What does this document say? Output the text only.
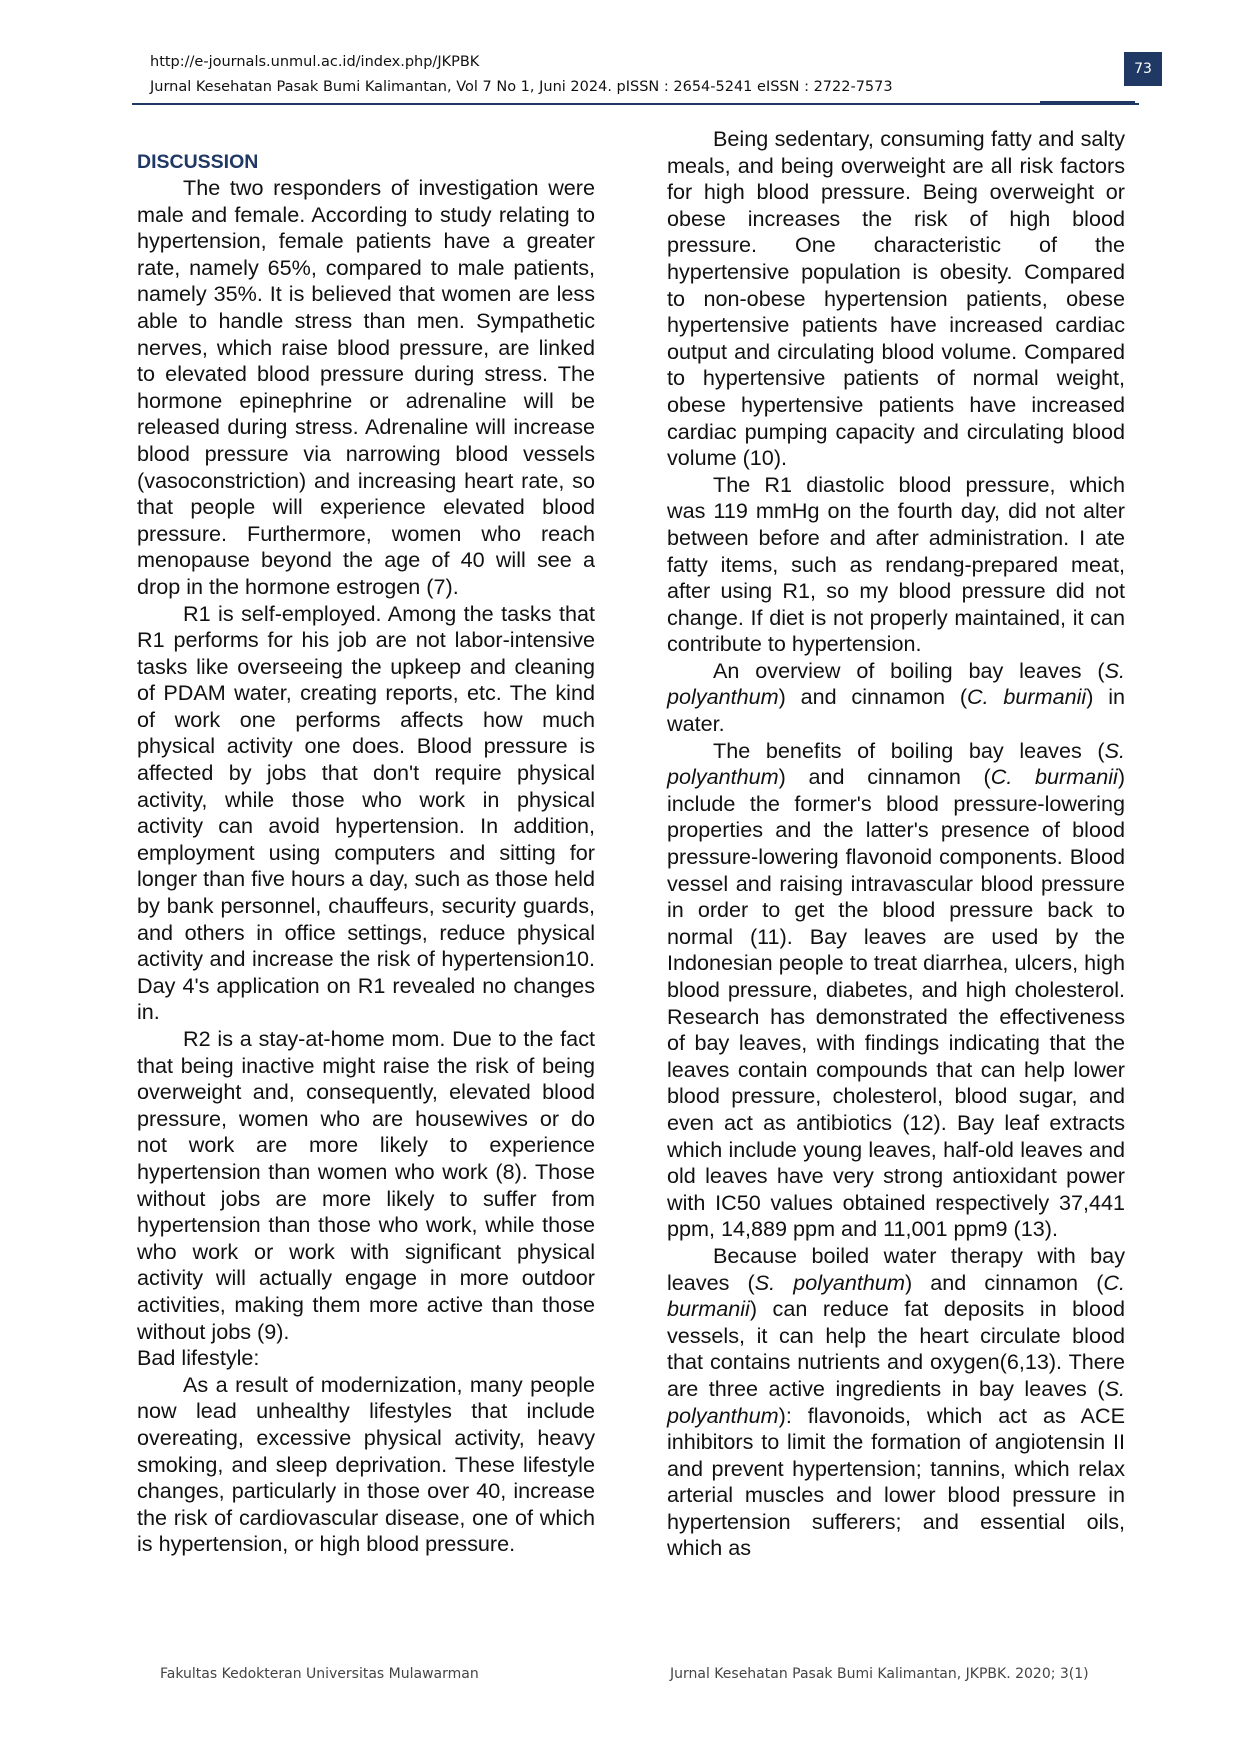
http://e-journals.unmul.ac.id/index.php/JKPBK
Jurnal Kesehatan Pasak Bumi Kalimantan, Vol 7 No 1, Juni 2024. pISSN : 2654-5241 eISSN : 2722-7573
73
DISCUSSION

The two responders of investigation were male and female. According to study relating to hypertension, female patients have a greater rate, namely 65%, compared to male patients, namely 35%. It is believed that women are less able to handle stress than men. Sympathetic nerves, which raise blood pressure, are linked to elevated blood pressure during stress. The hormone epinephrine or adrenaline will be released during stress. Adrenaline will increase blood pressure via narrowing blood vessels (vasoconstriction) and increasing heart rate, so that people will experience elevated blood pressure. Furthermore, women who reach menopause beyond the age of 40 will see a drop in the hormone estrogen (7).

R1 is self-employed. Among the tasks that R1 performs for his job are not labor-intensive tasks like overseeing the upkeep and cleaning of PDAM water, creating reports, etc. The kind of work one performs affects how much physical activity one does. Blood pressure is affected by jobs that don't require physical activity, while those who work in physical activity can avoid hypertension. In addition, employment using computers and sitting for longer than five hours a day, such as those held by bank personnel, chauffeurs, security guards, and others in office settings, reduce physical activity and increase the risk of hypertension10. Day 4's application on R1 revealed no changes in.

R2 is a stay-at-home mom. Due to the fact that being inactive might raise the risk of being overweight and, consequently, elevated blood pressure, women who are housewives or do not work are more likely to experience hypertension than women who work (8). Those without jobs are more likely to suffer from hypertension than those who work, while those who work or work with significant physical activity will actually engage in more outdoor activities, making them more active than those without jobs (9).

Bad lifestyle:

As a result of modernization, many people now lead unhealthy lifestyles that include overeating, excessive physical activity, heavy smoking, and sleep deprivation. These lifestyle changes, particularly in those over 40, increase the risk of cardiovascular disease, one of which is hypertension, or high blood pressure.

Being sedentary, consuming fatty and salty meals, and being overweight are all risk factors for high blood pressure. Being overweight or obese increases the risk of high blood pressure. One characteristic of the hypertensive population is obesity. Compared to non-obese hypertension patients, obese hypertensive patients have increased cardiac output and circulating blood volume. Compared to hypertensive patients of normal weight, obese hypertensive patients have increased cardiac pumping capacity and circulating blood volume (10).

The R1 diastolic blood pressure, which was 119 mmHg on the fourth day, did not alter between before and after administration. I ate fatty items, such as rendang-prepared meat, after using R1, so my blood pressure did not change. If diet is not properly maintained, it can contribute to hypertension.

An overview of boiling bay leaves (S. polyanthum) and cinnamon (C. burmanii) in water.

The benefits of boiling bay leaves (S. polyanthum) and cinnamon (C. burmanii) include the former's blood pressure-lowering properties and the latter's presence of blood pressure-lowering flavonoid components. Blood vessel and raising intravascular blood pressure in order to get the blood pressure back to normal (11). Bay leaves are used by the Indonesian people to treat diarrhea, ulcers, high blood pressure, diabetes, and high cholesterol. Research has demonstrated the effectiveness of bay leaves, with findings indicating that the leaves contain compounds that can help lower blood pressure, cholesterol, blood sugar, and even act as antibiotics (12). Bay leaf extracts which include young leaves, half-old leaves and old leaves have very strong antioxidant power with IC50 values obtained respectively 37,441 ppm, 14,889 ppm and 11,001 ppm9 (13).

Because boiled water therapy with bay leaves (S. polyanthum) and cinnamon (C. burmanii) can reduce fat deposits in blood vessels, it can help the heart circulate blood that contains nutrients and oxygen(6,13). There are three active ingredients in bay leaves (S. polyanthum): flavonoids, which act as ACE inhibitors to limit the formation of angiotensin II and prevent hypertension; tannins, which relax arterial muscles and lower blood pressure in hypertension sufferers; and essential oils, which as

Fakultas Kedokteran Universitas Mulawarman	Jurnal Kesehatan Pasak Bumi Kalimantan, JKPBK. 2020; 3(1)
